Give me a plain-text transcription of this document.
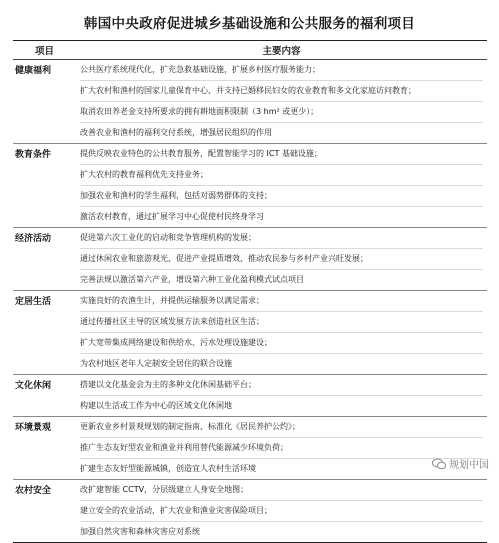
韩国中央政府促进城乡基础设施和公共服务的福利项目
项目	主要内容
健康福利	公共医疗系统现代化，扩充急救基础设施，扩展乡村医疗服务能力；
扩大农村和渔村的国家儿童保育中心，并支持已婚移民妇女的农业教育和多文化家庭访问教育；
取消农田养老金支持所要求的拥有耕地面积限制（3 hm² 或更少）；
改善农业和渔村的福利交付系统，增强居民组织的作用

教育条件	提供反映农业特色的公共教育服务，配置智能学习的 ICT 基础设施；
扩大农村的教育福利优先支持业务；
加强农业和渔村的学生福利，包括对弱势群体的支持；
激活农村教育，通过扩展学习中心促使村民终身学习

经济活动	促进第六次工业化的启动和竞争管理机构的发展；
通过休闲农业和旅游观光，促进产业提质增效，推动农民参与乡村产业兴旺发展；
完善法规以激活第六产业，增设第六种工业化盈利模式试点项目

定居生活	实施良好的农渔生计，并提供运输服务以满足需求；
通过传播社区主导的区域发展方法来创造社区生活；
扩大宽带集成网络建设和供给水、污水处理设施建设；
为农村地区老年人定制安全居住的联合设施

文化休闲	搭建以文化基金会为主的多种文化休闲基础平台；
构建以生活或工作为中心的区域文化休闲地

环境景观	更新农业乡村景观规划的制定指南，标准化《居民养护公约》；
推广生态友好型农业和渔业并利用替代能源减少环境负荷；
扩建生态友好型能源城镇，创造宜人农村生活环境

农村安全	改扩建智能 CCTV，分层级建立人身安全地图；
建立安全的农业活动，扩大农业和渔业灾害保险项目；
加强自然灾害和森林灾害应对系统
规划中国
